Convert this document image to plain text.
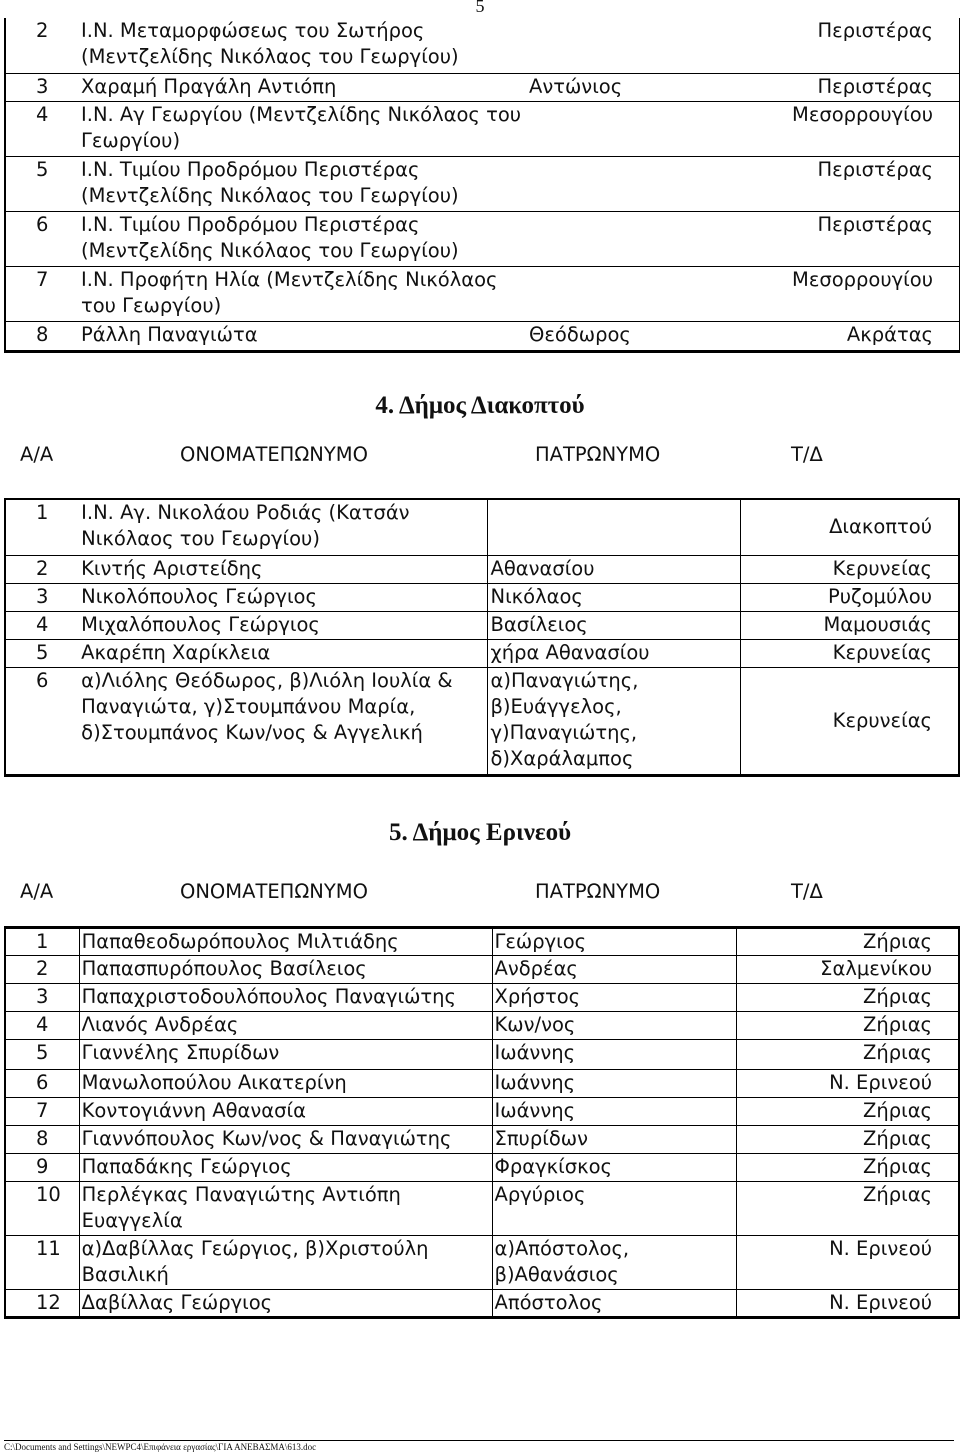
5
2	Ι.Ν. Μεταμορφώσεως του Σωτήρος (Μεντζελίδης Νικόλαος του Γεωργίου)		Περιστέρας
3	Χαραμή Πραγάλη Αντιόπη	Αντώνιος	Περιστέρας
4	Ι.Ν. Αγ Γεωργίου (Μεντζελίδης Νικόλαος του Γεωργίου)		Μεσορρουγίου
5	Ι.Ν. Τιμίου Προδρόμου Περιστέρας (Μεντζελίδης Νικόλαος του Γεωργίου)		Περιστέρας
6	Ι.Ν. Τιμίου Προδρόμου Περιστέρας (Μεντζελίδης Νικόλαος του Γεωργίου)		Περιστέρας
7	Ι.Ν. Προφήτη Ηλία (Μεντζελίδης Νικόλαος του Γεωργίου)		Μεσορρουγίου
8	Ράλλη Παναγιώτα	Θεόδωρος	Ακράτας
4. Δήμος Διακοπτού
Α/Α	ΟΝΟΜΑΤΕΠΩΝΥΜΟ	ΠΑΤΡΩΝΥΜΟ	Τ/Δ
1	Ι.Ν. Αγ. Νικολάου Ροδιάς (Κατσάν Νικόλαος του Γεωργίου)		Διακοπτού
2	Κιντής Αριστείδης	Αθανασίου	Κερυνείας
3	Νικολόπουλος Γεώργιος	Νικόλαος	Ρυζομύλου
4	Μιχαλόπουλος Γεώργιος	Βασίλειος	Μαμουσιάς
5	Ακαρέπη Χαρίκλεια	χήρα Αθανασίου	Κερυνείας
6	α)Λιόλης Θεόδωρος, β)Λιόλη Ιουλία & Παναγιώτα, γ)Στουμπάνου Μαρία, δ)Στουμπάνος Κων/νος & Αγγελική	α)Παναγιώτης, β)Ευάγγελος, γ)Παναγιώτης, δ)Χαράλαμπος	Κερυνείας
5. Δήμος Ερινεού
Α/Α	ΟΝΟΜΑΤΕΠΩΝΥΜΟ	ΠΑΤΡΩΝΥΜΟ	Τ/Δ
1	Παπαθεοδωρόπουλος Μιλτιάδης	Γεώργιος	Ζήριας
2	Παπασπυρόπουλος Βασίλειος	Ανδρέας	Σαλμενίκου
3	Παπαχριστοδουλόπουλος Παναγιώτης	Χρήστος	Ζήριας
4	Λιανός Ανδρέας	Κων/νος	Ζήριας
5	Γιαννέλης Σπυρίδων	Ιωάννης	Ζήριας
6	Μανωλοπούλου Αικατερίνη	Ιωάννης	Ν. Ερινεού
7	Κοντογιάννη Αθανασία	Ιωάννης	Ζήριας
8	Γιαννόπουλος Κων/νος & Παναγιώτης	Σπυρίδων	Ζήριας
9	Παπαδάκης Γεώργιος	Φραγκίσκος	Ζήριας
10	Περλέγκας Παναγιώτης Αντιόπη Ευαγγελία	Αργύριος	Ζήριας
11	α)Δαβίλλας Γεώργιος, β)Χριστούλη Βασιλική	α)Απόστολος, β)Αθανάσιος	Ν. Ερινεού
12	Δαβίλλας Γεώργιος	Απόστολος	Ν. Ερινεού
C:\Documents and Settings\NEWPC4\Επιφάνεια εργασίας\ΓΙΑ ΑΝΕΒΑΣΜΑ\613.doc
